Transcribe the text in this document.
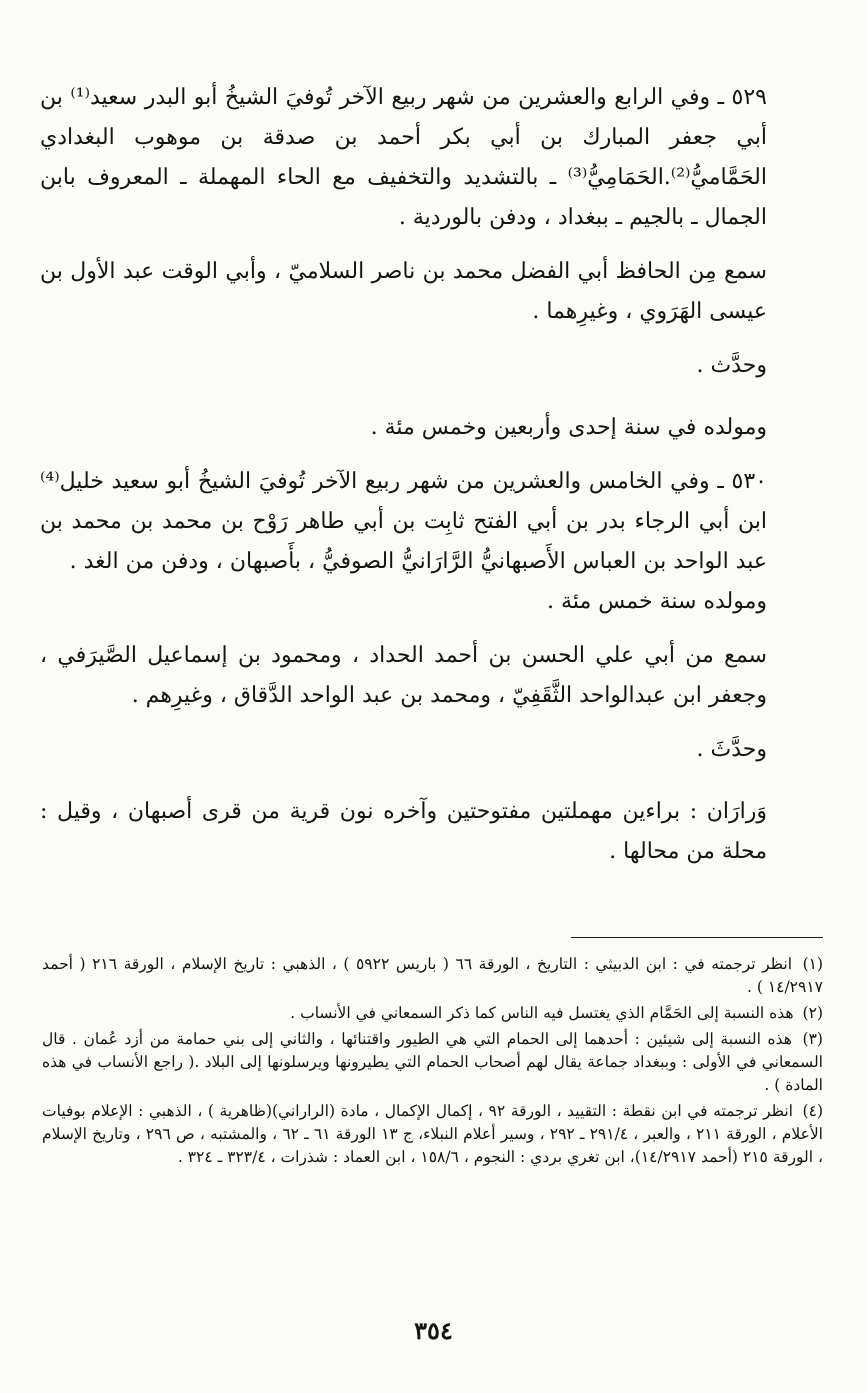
٥٢٩ ـ وفي الرابع والعشرين من شهر ربيع الآخر تُوفيَ الشيخُ أبو البدر سعيد⁽¹⁾ بن أبي جعفر المبارك بن أبي بكر أحمد بن صدقة بن موهوب البغدادي الحَمَّاميُّ⁽²⁾.الحَمَامِيُّ⁽³⁾ ـ بالتشديد والتخفيف مع الحاء المهملة ـ المعروف بابن الجمال ـ بالجيم ـ ببغداد ، ودفن بالوردية .

سمع مِن الحافظ أبي الفضل محمد بن ناصر السلاميّ ، وأبي الوقت عبد الأول بن عيسى الهَرَوي ، وغيرِهما .

وحدَّث .

ومولده في سنة إحدى وأربعين وخمس مئة .

٥٣٠ ـ وفي الخامس والعشرين من شهر ربيع الآخر تُوفيَ الشيخُ أبو سعيد خليل⁽⁴⁾ ابن أبي الرجاء بدر بن أبي الفتح ثابِت بن أبي طاهر رَوْح بن محمد بن محمد بن عبد الواحد بن العباس الأَصبهانيُّ الرَّارَانيُّ الصوفيُّ ، بأَصبهان ، ودفن من الغد .

ومولده سنة خمس مئة .

سمع من أبي علي الحسن بن أحمد الحداد ، ومحمود بن إسماعيل الصَّيرَفي ، وجعفر ابن عبدالواحد الثَّقَفِيّ ، ومحمد بن عبد الواحد الدَّقاق ، وغيرِهم .

وحدَّثَ .

وَرارَان : براءين مهملتين مفتوحتين وآخره نون قرية من قرى أصبهان ، وقيل : محلة من محالها .

(١) انظر ترجمته في : ابن الدبيثي : التاريخ ، الورقة ٦٦ ( باريس ٥٩٢٢ ) ، الذهبي : تاريخ الإسلام ، الورقة ٢١٦ ( أحمد ١٤/٢٩١٧ ) .

(٢) هذه النسبة إلى الحَمَّام الذي يغتسل فيه الناس كما ذكر السمعاني في الأنساب .

(٣) هذه النسبة إلى شيئين : أحدهما إلى الحمام التي هي الطيور واقتنائها ، والثاني إلى بني حمامة من أزد عُمان . قال السمعاني في الأولى : وببغداد جماعة يقال لهم أصحاب الحمام التي يطيرونها ويرسلونها إلى البلاد .( راجع الأنساب في هذه المادة ) .

(٤) انظر ترجمته في ابن نقطة : التقييد ، الورقة ٩٢ ، إكمال الإكمال ، مادة (الراراني)(ظاهرية ) ، الذهبي : الإعلام بوفيات الأعلام ، الورقة ٢١١ ، والعبر ، ٢٩١/٤ ـ ٢٩٢ ، وسير أعلام النبلاء، ج ١٣ الورقة ٦١ ـ ٦٢ ، والمشتبه ، ص ٢٩٦ ، وتاريخ الإسلام ، الورقة ٢١٥ (أحمد ١٤/٢٩١٧)، ابن تغري بردي : النجوم ، ١٥٨/٦ ، ابن العماد : شذرات ، ٣٢٣/٤ ـ ٣٢٤ .

٣٥٤
